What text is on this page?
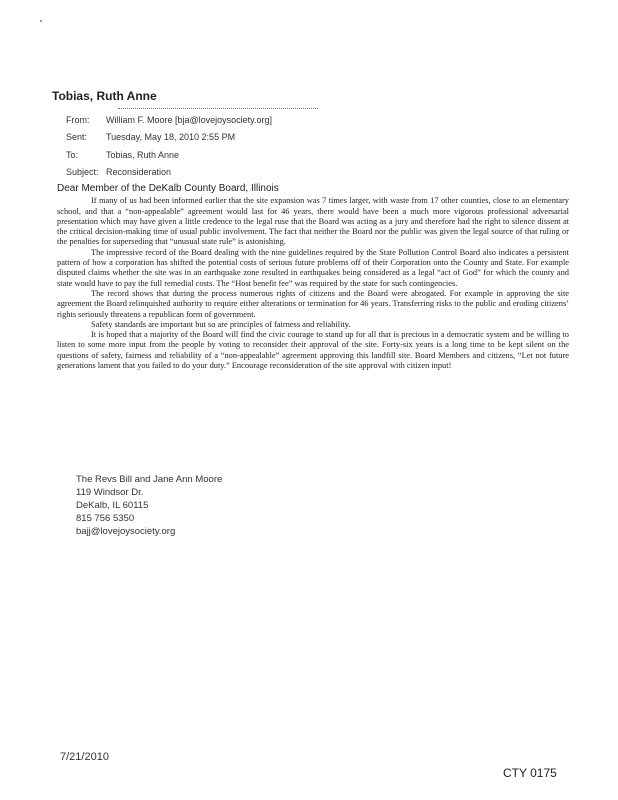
Tobias, Ruth Anne
From: William F. Moore [bja@lovejoysociety.org]
Sent: Tuesday, May 18, 2010 2:55 PM
To:	Tobias, Ruth Anne
Subject: Reconsideration
Dear Member of the DeKalb County Board, Illinois

If many of us had been informed earlier that the site expansion was 7 times larger, with waste from 17 other counties, close to an elementary school, and that a “non-appealable” agreement would last for 46 years, there would have been a much more vigorous professional adversarial presentation which may have given a little credence to the legal ruse that the Board was acting as a jury and therefore had the right to silence dissent at the critical decision-making time of usual public involvement. The fact that neither the Board nor the public was given the legal source of that ruling or the penalties for superseding that “unusual state rule” is astonishing.

The impressive record of the Board dealing with the nine guidelines required by the State Pollution Control Board also indicates a persistent pattern of how a corporation has shifted the potential costs of serious future problems off of their Corporation onto the County and State. For example disputed claims whether the site was in an earthquake zone resulted in earthquakes being considered as a legal “act of God” for which the county and state would have to pay the full remedial costs. The “Host benefit fee” was required by the state for such contingencies.

The record shows that during the process numerous rights of citizens and the Board were abrogated. For example in approving the site agreement the Board relinquished authority to require either alterations or termination for 46 years. Transferring risks to the public and eroding citizens’ rights seriously threatens a republican form of government.

Safety standards are important but so are principles of fairness and reliability.

It is hoped that a majority of the Board will find the civic courage to stand up for all that is precious in a democratic system and be willing to listen to some more input from the people by voting to reconsider their approval of the site. Forty-six years is a long time to be kept silent on the questions of safety, fairness and reliability of a “non-appealable” agreement approving this landfill site. Board Members and citizens, “Let not future generations lament that you failed to do your duty.” Encourage reconsideration of the site approval with citizen input!

The Revs Bill and Jane Ann Moore
119 Windsor Dr.
DeKalb, IL 60115
815 756 5350
bajj@lovejoysociety.org
7/21/2010
CTY 0175
